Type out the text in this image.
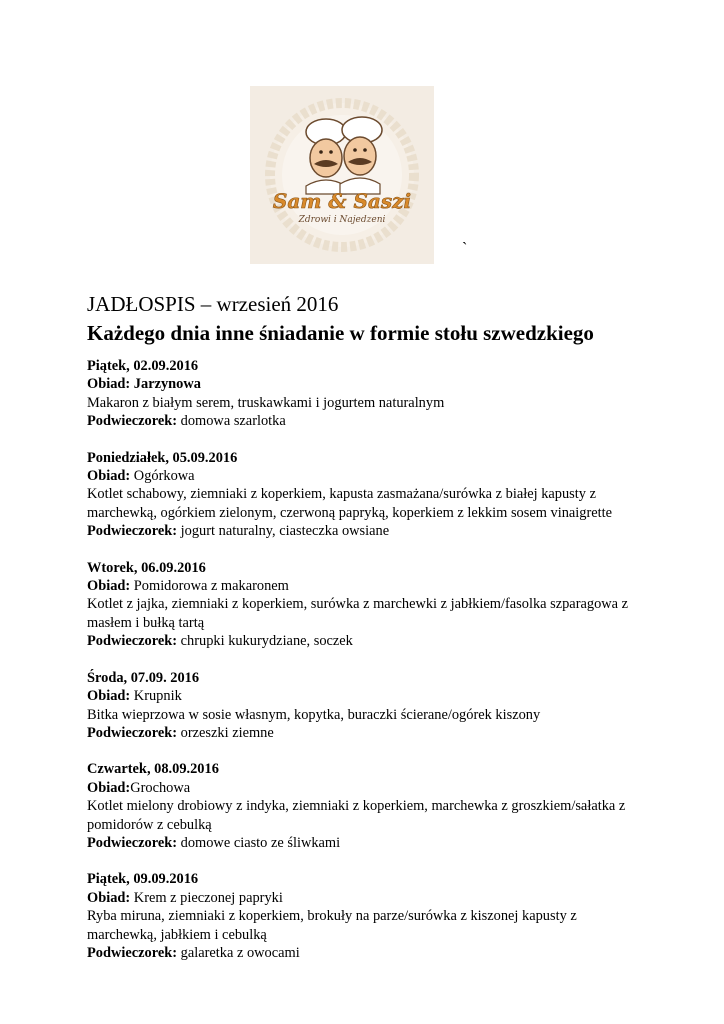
Sam & Saszi
Zdrowi i Najedzeni
`
JADŁOSPIS – wrzesień 2016
Każdego dnia inne śniadanie w formie stołu szwedzkiego
Piątek, 02.09.2016
Obiad: Jarzynowa
Makaron z białym serem, truskawkami i jogurtem naturalnym
Podwieczorek: domowa szarlotka
Poniedziałek, 05.09.2016
Obiad: Ogórkowa
Kotlet schabowy, ziemniaki z koperkiem, kapusta zasmażana/surówka z białej kapusty z
marchewką, ogórkiem zielonym, czerwoną papryką, koperkiem z lekkim sosem vinaigrette
Podwieczorek: jogurt naturalny, ciasteczka owsiane
Wtorek, 06.09.2016
Obiad: Pomidorowa z makaronem
Kotlet z jajka, ziemniaki z koperkiem, surówka z marchewki z jabłkiem/fasolka szparagowa z
masłem i bułką tartą
Podwieczorek: chrupki kukurydziane, soczek
Środa, 07.09. 2016
Obiad: Krupnik
Bitka wieprzowa w sosie własnym, kopytka, buraczki ścierane/ogórek kiszony
Podwieczorek: orzeszki ziemne
Czwartek, 08.09.2016
Obiad:Grochowa
Kotlet mielony drobiowy z indyka, ziemniaki z koperkiem, marchewka z groszkiem/sałatka z
pomidorów z cebulką
Podwieczorek: domowe ciasto ze śliwkami
Piątek, 09.09.2016
Obiad: Krem z pieczonej papryki
Ryba miruna, ziemniaki z koperkiem, brokuły na parze/surówka z kiszonej kapusty z
marchewką, jabłkiem i cebulką
Podwieczorek: galaretka z owocami
